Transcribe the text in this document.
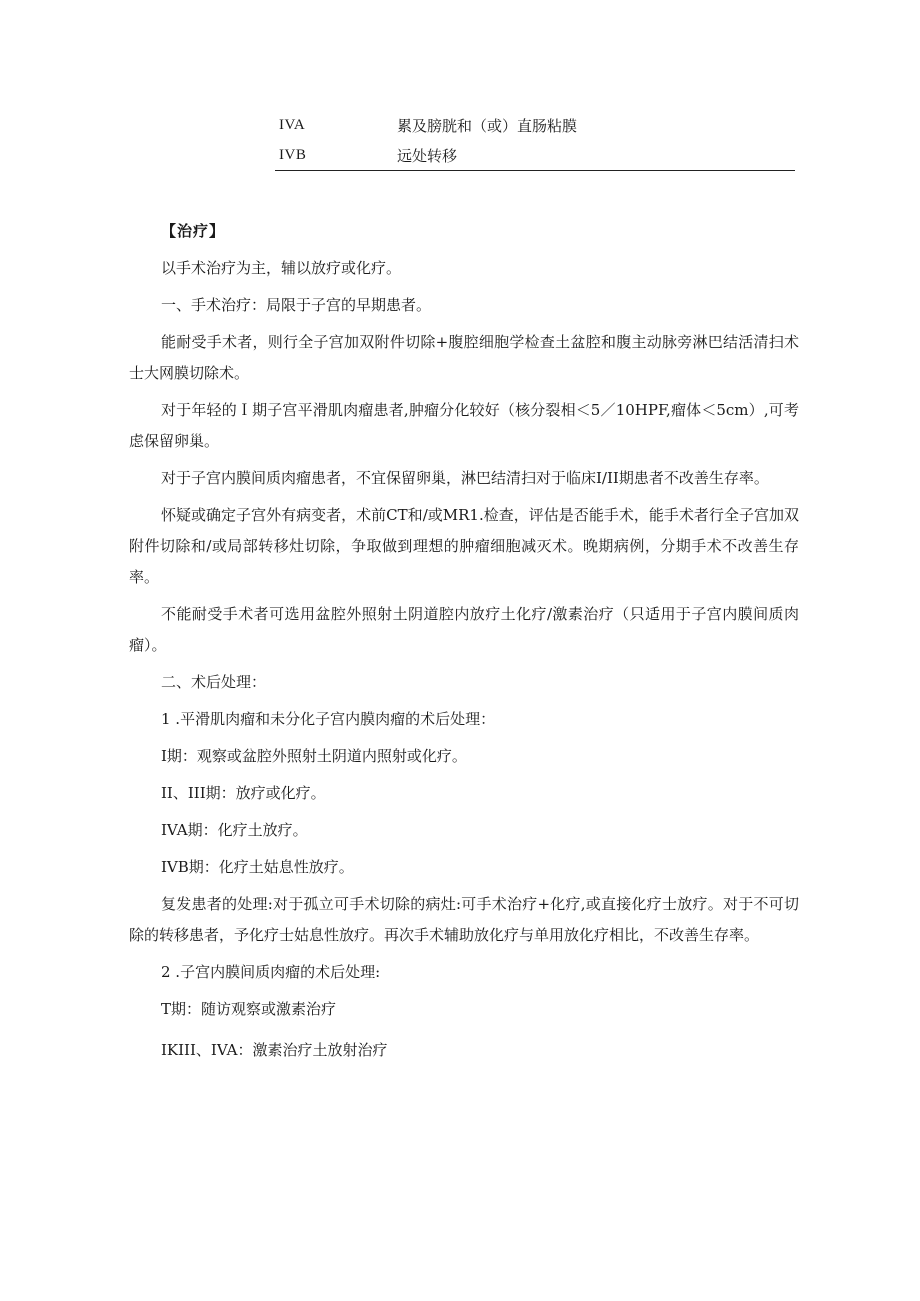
IVA	累及膀胱和（或）直肠粘膜
IVB	远处转移

【治疗】

以手术治疗为主，辅以放疗或化疗。

一、手术治疗：局限于子宫的早期患者。

能耐受手术者，则行全子宫加双附件切除+腹腔细胞学检查土盆腔和腹主动脉旁淋巴结活清扫术士大网膜切除术。

对于年轻的Ｉ期子宫平滑肌肉瘤患者,肿瘤分化较好（核分裂相＜5／10HPF,瘤体＜5cm）,可考虑保留卵巢。

对于子宫内膜间质肉瘤患者，不宜保留卵巢，淋巴结清扫对于临床I/II期患者不改善生存率。

怀疑或确定子宫外有病变者，术前CT和/或MR1.检查，评估是否能手术，能手术者行全子宫加双附件切除和/或局部转移灶切除，争取做到理想的肿瘤细胞减灭术。晚期病例，分期手术不改善生存率。

不能耐受手术者可选用盆腔外照射土阴道腔内放疗土化疗/激素治疗（只适用于子宫内膜间质肉瘤）。

二、术后处理：

1 .平滑肌肉瘤和未分化子宫内膜肉瘤的术后处理：

I期：观察或盆腔外照射土阴道内照射或化疗。

II、III期：放疗或化疗。

IVA期：化疗土放疗。

IVB期：化疗土姑息性放疗。

复发患者的处理:对于孤立可手术切除的病灶:可手术治疗+化疗,或直接化疗士放疗。对于不可切除的转移患者，予化疗士姑息性放疗。再次手术辅助放化疗与单用放化疗相比，不改善生存率。

2 .子宫内膜间质肉瘤的术后处理:

T期：随访观察或激素治疗

IKIII、IVA：激素治疗土放射治疗
